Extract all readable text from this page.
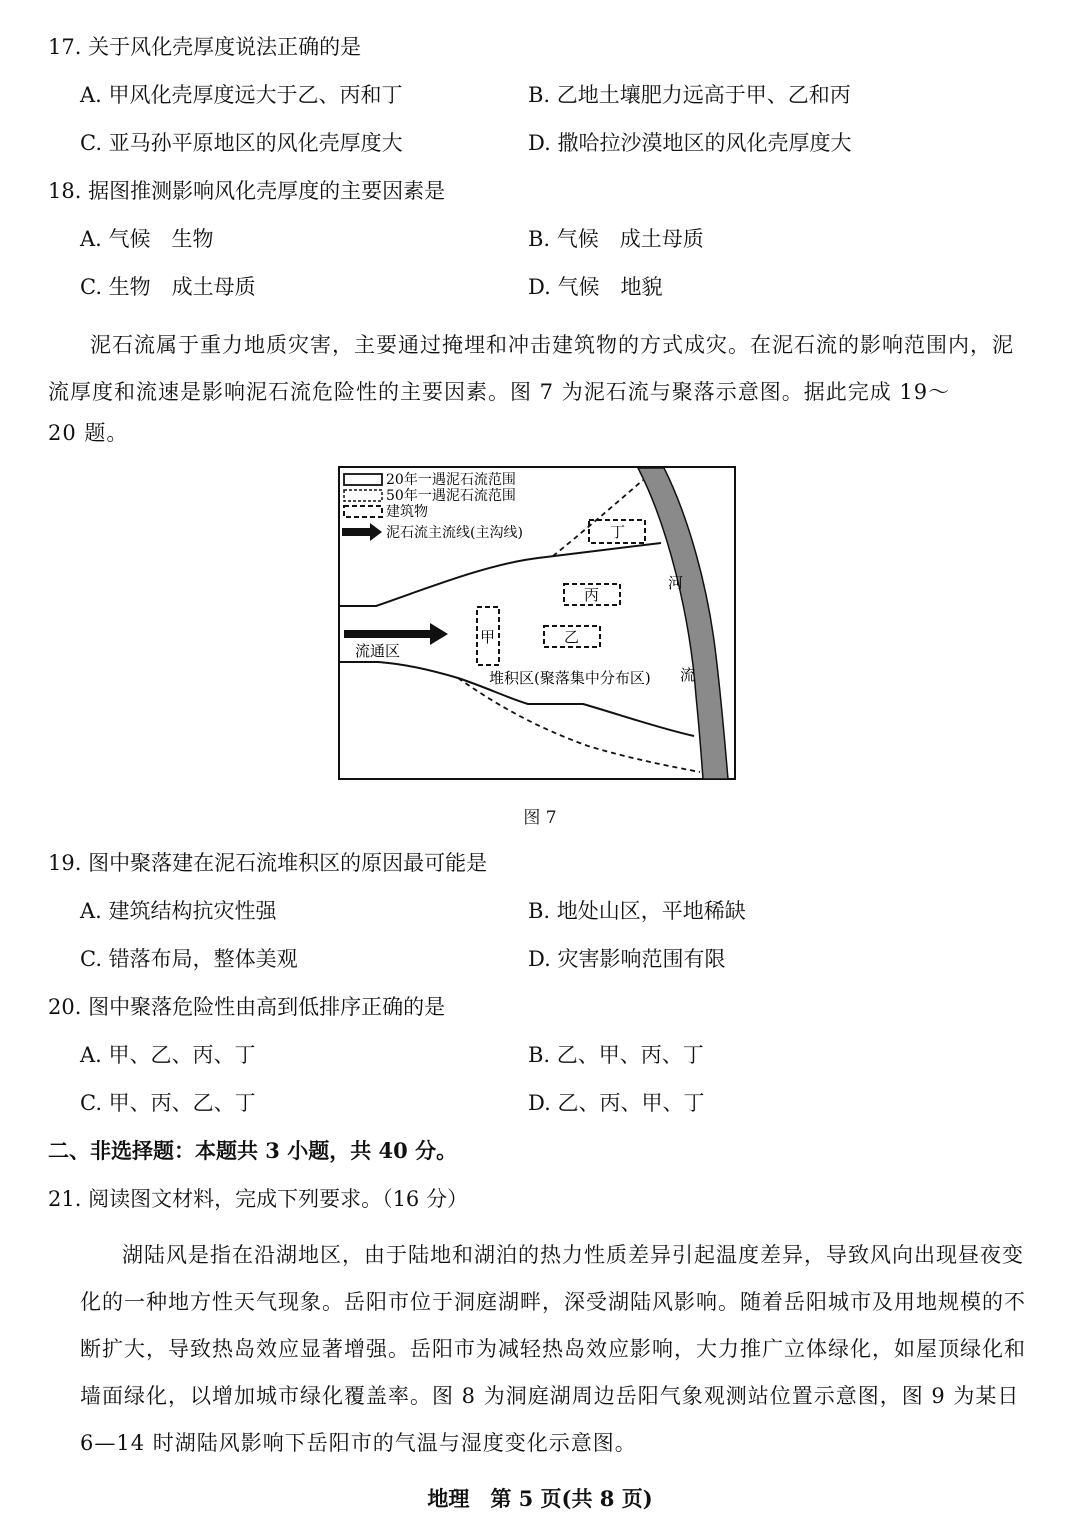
17. 关于风化壳厚度说法正确的是
A. 甲风化壳厚度远大于乙、丙和丁	B. 乙地土壤肥力远高于甲、乙和丙
C. 亚马孙平原地区的风化壳厚度大	D. 撒哈拉沙漠地区的风化壳厚度大
18. 据图推测影响风化壳厚度的主要因素是
A. 气候　生物	B. 气候　成土母质
C. 生物　成土母质	D. 气候　地貌
泥石流属于重力地质灾害，主要通过掩埋和冲击建筑物的方式成灾。在泥石流的影响范围内，泥流厚度和流速是影响泥石流危险性的主要因素。图 7 为泥石流与聚落示意图。据此完成 19～
20 题。
20年一遇泥石流范围
50年一遇泥石流范围
建筑物
泥石流主流线(主沟线)
甲	乙
丙
丁
流通区
堆积区(聚落集中分布区)
河
流
图 7
19. 图中聚落建在泥石流堆积区的原因最可能是
A. 建筑结构抗灾性强	B. 地处山区，平地稀缺
C. 错落布局，整体美观	D. 灾害影响范围有限
20. 图中聚落危险性由高到低排序正确的是
A. 甲、乙、丙、丁	B. 乙、甲、丙、丁
C. 甲、丙、乙、丁	D. 乙、丙、甲、丁
二、非选择题：本题共 3 小题，共 40 分。
21. 阅读图文材料，完成下列要求。（16 分）
湖陆风是指在沿湖地区，由于陆地和湖泊的热力性质差异引起温度差异，导致风向出现昼夜变化的一种地方性天气现象。岳阳市位于洞庭湖畔，深受湖陆风影响。随着岳阳城市及用地规模的不断扩大，导致热岛效应显著增强。岳阳市为减轻热岛效应影响，大力推广立体绿化，如屋顶绿化和墙面绿化，以增加城市绿化覆盖率。图 8 为洞庭湖周边岳阳气象观测站位置示意图，图 9 为某日 6—14 时湖陆风影响下岳阳市的气温与湿度变化示意图。
地理　第 5 页(共 8 页)
